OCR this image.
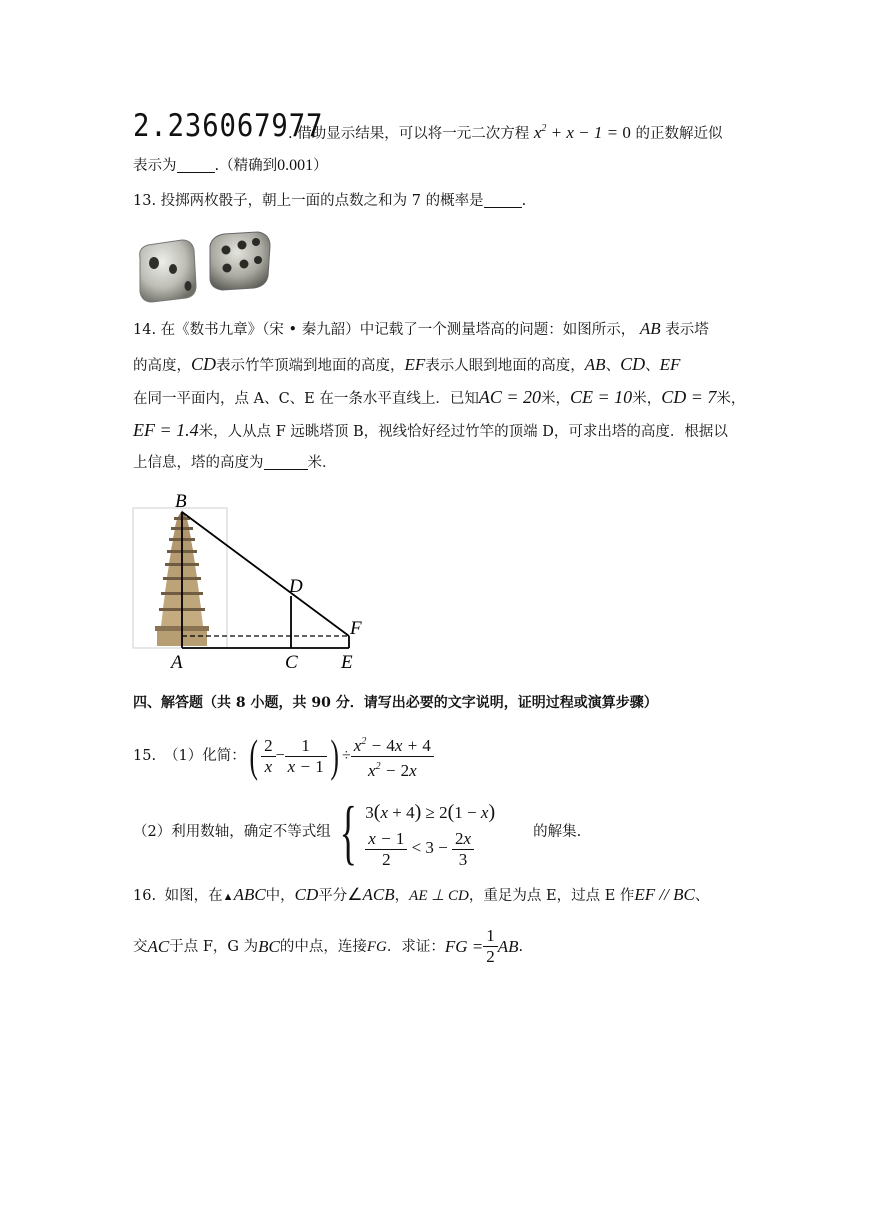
2.236067977
. 借助显示结果，可以将一元二次方程 $x^2 + x - 1 = 0$ 的正数解近似
表示为	.（精确到0.001）
13. 投掷两枚骰子，朝上一面的点数之和为 7 的概率是	.
14. 在《数书九章》（宋 • 秦九韶）中记载了一个测量塔高的问题：如图所示， AB 表示塔
的高度，CD表示竹竿顶端到地面的高度，EF表示人眼到地面的高度，AB、CD、EF
在同一平面内，点 A、C、E 在一条水平直线上．已知AC = 20米，CE = 10米，CD = 7米，
EF = 1.4米，人从点 F 远眺塔顶 B，视线恰好经过竹竿的顶端 D，可求出塔的高度．根据以
上信息，塔的高度为	米．
B
D
F
A	C E
四、解答题（共 8 小题，共 90 分．请写出必要的文字说明，证明过程或演算步骤）
15. （1）化简： ( $\frac{2}{x} - \frac{1}{x - 1}$ ) ÷ $\frac{x^2 - 4x + 4}{x^2 - 2x}$
（2）利用数轴，确定不等式组 { 3(x + 4) ≥ 2(1 − x)
$\frac{x - 1}{2} < 3 - \frac{2x}{3}$	的解集.
16. 如图，在▲ABC中，CD平分∠ACB，AE ⊥ CD，重足为点 E，过点 E 作EF // BC、
交 AC 于点 F，G 为 BC 的中点，连接 FG ．求证： FG = $\frac{1}{2}$ AB .
